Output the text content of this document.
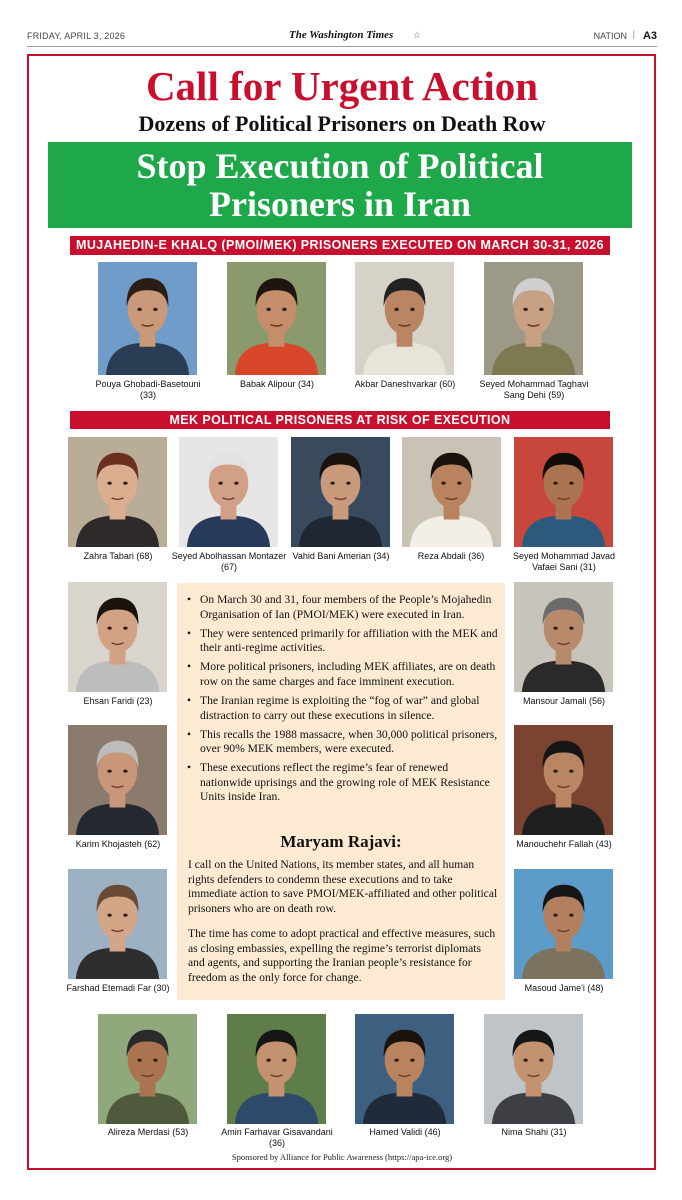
FRIDAY, APRIL 3, 2026	The Washington Times ☆	NATION | A3
Call for Urgent Action
Dozens of Political Prisoners on Death Row
Stop Execution of Political Prisoners in Iran
MUJAHEDIN-E KHALQ (PMOI/MEK) PRISONERS EXECUTED ON MARCH 30-31, 2026
MEK POLITICAL PRISONERS AT RISK OF EXECUTION
Pouya Ghobadi-Basetouni (33)
Babak Alipour (34)	Akbar Daneshvarkar (60)	Seyed Mohammad Taghavi Sang Dehi (59)
Zahra Tabari (68)	Seyed Abolhassan Montazer (67)
Vahid Bani Amerian (34)	Reza Abdali (36)	Seyed Mohammad Javad Vafaei Sani (31)
Ehsan Faridi (23)
Karim Khojasteh (62)
Farshad Etemadi Far (30)
Mansour Jamali (56)
Manouchehr Fallah (43)
Masoud Jame'i (48)
Alireza Merdasi (53)	Amin Farhavar Gisavandani (36)
Hamed Validi (46)	Nima Shahi (31)
• On March 30 and 31, four members of the People’s Mojahedin Organisation of Ian (PMOI/MEK) were executed in Iran.
• They were sentenced primarily for affiliation with the MEK and their anti-regime activities.
• More political prisoners, including MEK affiliates, are on death row on the same charges and face imminent execution.
• The Iranian regime is exploiting the “fog of war” and global distraction to carry out these executions in silence.
• This recalls the 1988 massacre, when 30,000 political prisoners, over 90% MEK members, were executed.
• These executions reflect the regime’s fear of renewed nationwide uprisings and the growing role of MEK Resistance Units inside Iran.
Maryam Rajavi:
I call on the United Nations, its member states, and all human rights defenders to condemn these executions and to take immediate action to save PMOI/MEK-affiliated and other political prisoners who are on death row.
The time has come to adopt practical and effective measures, such as closing embassies, expelling the regime’s terrorist diplomats and agents, and supporting the Iranian people’s resistance for freedom as the only force for change.
Sponsored by Alliance for Public Awareness (https://apa-ice.org)
